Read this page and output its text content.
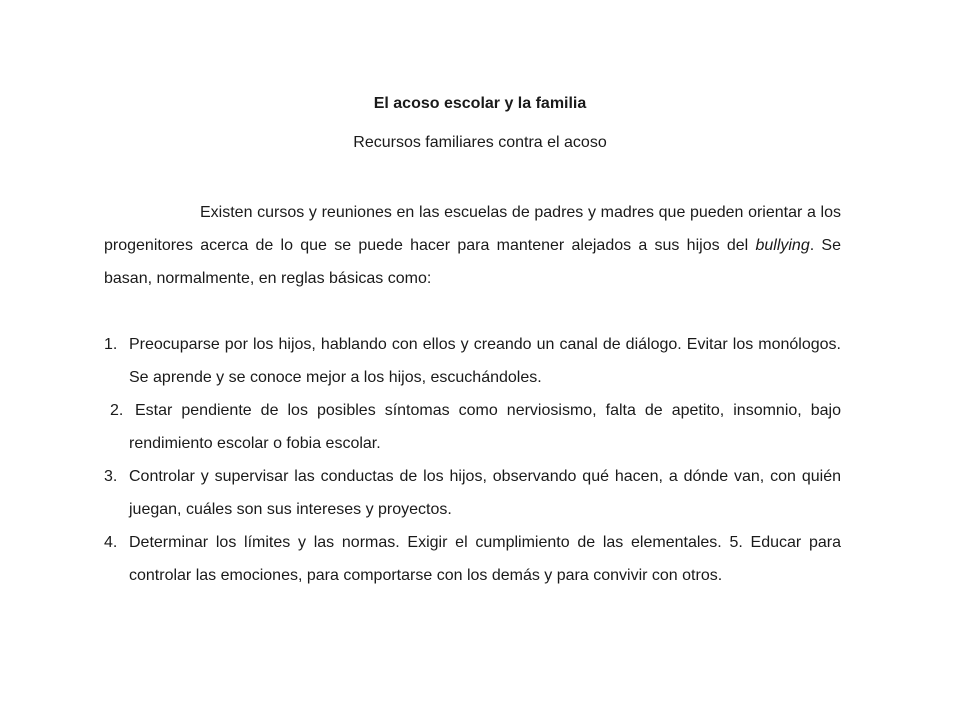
El acoso escolar y la familia
Recursos familiares contra el acoso

Existen cursos y reuniones en las escuelas de padres y madres que pueden orientar a los progenitores acerca de lo que se puede hacer para mantener alejados a sus hijos del bullying. Se basan, normalmente, en reglas básicas como:

1. Preocuparse por los hijos, hablando con ellos y creando un canal de diálogo. Evitar los monólogos. Se aprende y se conoce mejor a los hijos, escuchándoles.
2. Estar pendiente de los posibles síntomas como nerviosismo, falta de apetito, insomnio, bajo rendimiento escolar o fobia escolar.
3. Controlar y supervisar las conductas de los hijos, observando qué hacen, a dónde van, con quién juegan, cuáles son sus intereses y proyectos.
4. Determinar los límites y las normas. Exigir el cumplimiento de las elementales. 5. Educar para controlar las emociones, para comportarse con los demás y para convivir con otros.
